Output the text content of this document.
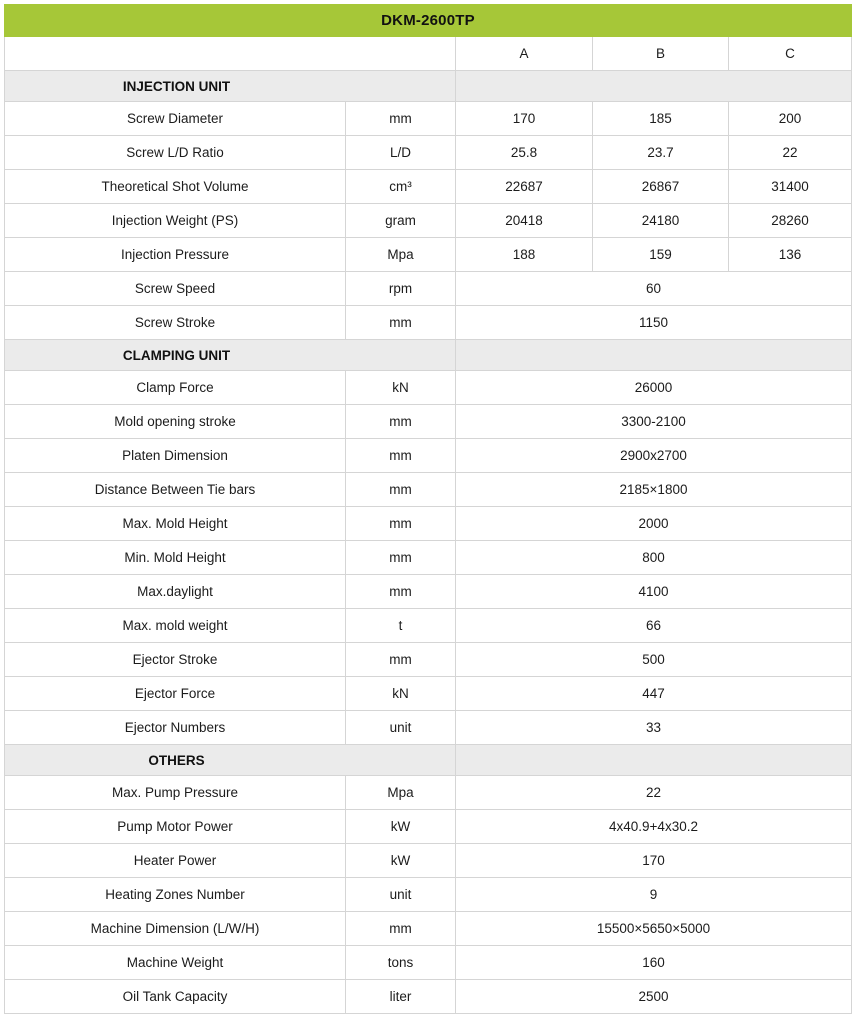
DKM-2600TP				
		A	B	C
INJECTION UNIT				
Screw Diameter	mm	170	185	200
Screw L/D Ratio	L/D	25.8	23.7	22
Theoretical Shot Volume	cm³	22687	26867	31400
Injection Weight (PS)	gram	20418	24180	28260
Injection Pressure	Mpa	188	159	136
Screw Speed	rpm	60		
Screw Stroke	mm	1150		
CLAMPING UNIT				
Clamp Force	kN	26000		
Mold opening stroke	mm	3300-2100		
Platen Dimension	mm	2900x2700		
Distance Between Tie bars	mm	2185×1800		
Max. Mold Height	mm	2000		
Min. Mold Height	mm	800		
Max.daylight	mm	4100		
Max. mold weight	t	66		
Ejector Stroke	mm	500		
Ejector Force	kN	447		
Ejector Numbers	unit	33		
OTHERS				
Max. Pump Pressure	Mpa	22		
Pump Motor Power	kW	4x40.9+4x30.2		
Heater Power	kW	170		
Heating Zones Number	unit	9		
Machine Dimension (L/W/H)	mm	15500×5650×5000		
Machine Weight	tons	160		
Oil Tank Capacity	liter	2500		
